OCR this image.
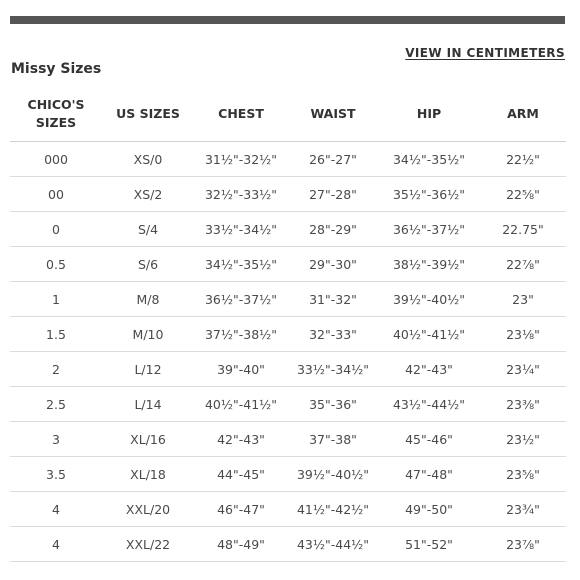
VIEW IN CENTIMETERS
Missy Sizes
CHICO'S SIZES	US SIZES	CHEST	WAIST	HIP	ARM
000	XS/0	31½"-32½"	26"-27"	34½"-35½"	22½"
00	XS/2	32½"-33½"	27"-28"	35½"-36½"	22⅝"
0	S/4	33½"-34½"	28"-29"	36½"-37½"	22.75"
0.5	S/6	34½"-35½"	29"-30"	38½"-39½"	22⅞"
1	M/8	36½"-37½"	31"-32"	39½"-40½"	23"
1.5	M/10	37½"-38½"	32"-33"	40½"-41½"	23⅛"
2	L/12	39"-40"	33½"-34½"	42"-43"	23¼"
2.5	L/14	40½"-41½"	35"-36"	43½"-44½"	23⅜"
3	XL/16	42"-43"	37"-38"	45"-46"	23½"
3.5	XL/18	44"-45"	39½"-40½"	47"-48"	23⅝"
4	XXL/20	46"-47"	41½"-42½"	49"-50"	23¾"
4	XXL/22	48"-49"	43½"-44½"	51"-52"	23⅞"
